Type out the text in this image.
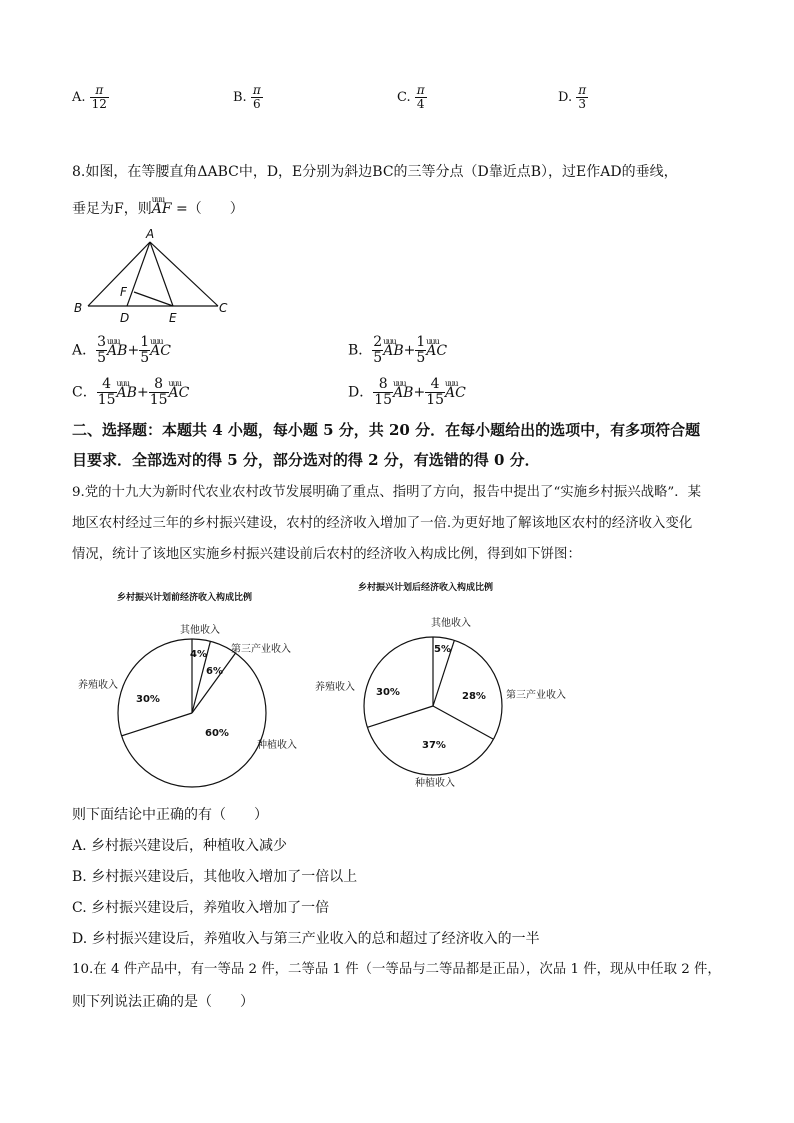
A. $\frac{\pi}{12}$	B. $\frac{\pi}{6}$	C. $\frac{\pi}{4}$	D. $\frac{\pi}{3}$
8.如图，在等腰直角ΔABC中，D，E分别为斜边BC的三等分点（D靠近点B），过E作AD的垂线，
垂足为F，则uuu AF =（　　）
A
B	C
D	E
F
A． $\frac{3}{5}$ uuu $AB+ \frac{1}{5}$ uuu AC	B． $\frac{2}{5}$ uuu $AB+ \frac{1}{5}$ uuu AC
C． $\frac{4}{15}$ uuu $AB+ \frac{8}{15}$ uuu AC	D． $\frac{8}{15}$ uuu $AB+ \frac{4}{15}$ uuu AC
二、选择题：本题共 4 小题，每小题 5 分，共 20 分．在每小题给出的选项中，有多项符合题
目要求．全部选对的得 5 分，部分选对的得 2 分，有选错的得 0 分．
9.党的十九大为新时代农业农村改节发展明确了重点、指明了方向，报告中提出了“实施乡村振兴战略”．某
地区农村经过三年的乡村振兴建设，农村的经济收入增加了一倍.为更好地了解该地区农村的经济收入变化
情况，统计了该地区实施乡村振兴建设前后农村的经济收入构成比例，得到如下饼图：
乡村振兴计划前经济收入构成比例
乡村振兴计划后经济收入构成比例
其他收入
第三产业收入
种植收入
养殖收入
其他收入
第三产业收入
种植收入
养殖收入
4%
6%
60%
30%
5%
28%
37%
30%
则下面结论中正确的有（　　）
A. 乡村振兴建设后，种植收入减少
B. 乡村振兴建设后，其他收入增加了一倍以上
C. 乡村振兴建设后，养殖收入增加了一倍
D. 乡村振兴建设后，养殖收入与第三产业收入的总和超过了经济收入的一半
10.在 4 件产品中，有一等品 2 件，二等品 1 件（一等品与二等品都是正品），次品 1 件，现从中任取 2 件，
则下列说法正确的是（　　）
